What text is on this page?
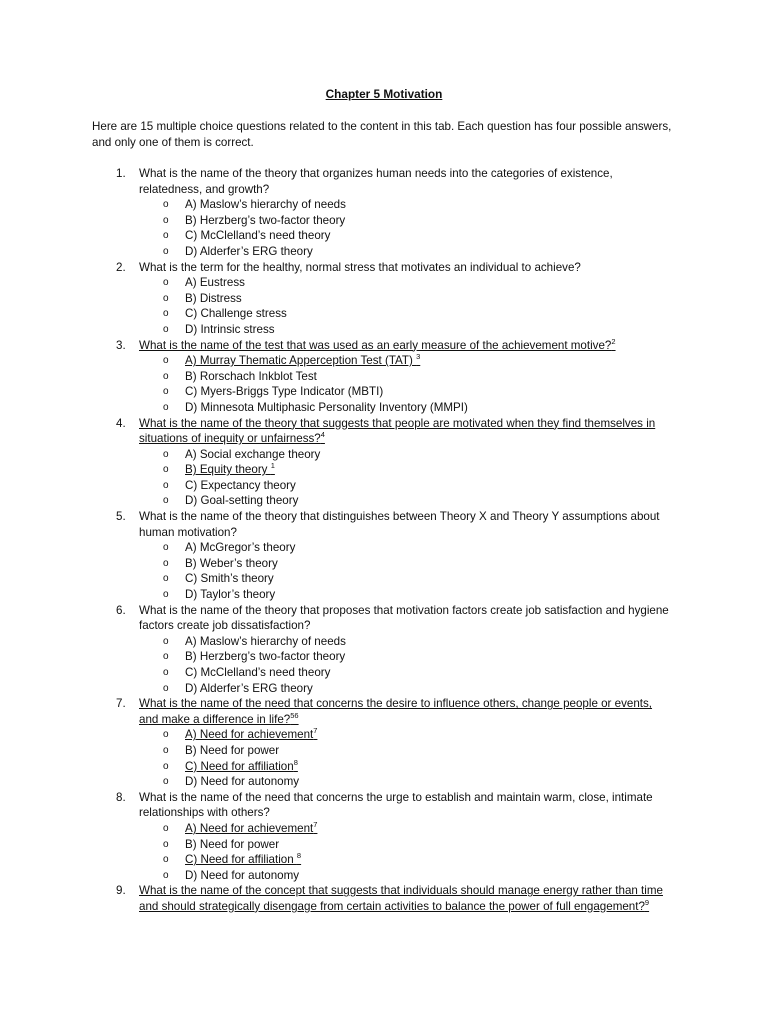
Chapter 5 Motivation
Here are 15 multiple choice questions related to the content in this tab. Each question has four possible answers, and only one of them is correct.
1. What is the name of the theory that organizes human needs into the categories of existence, relatedness, and growth?
o A) Maslow’s hierarchy of needs
o B) Herzberg’s two-factor theory
o C) McClelland’s need theory
o D) Alderfer’s ERG theory
2. What is the term for the healthy, normal stress that motivates an individual to achieve?
o A) Eustress
o B) Distress
o C) Challenge stress
o D) Intrinsic stress
3. What is the name of the test that was used as an early measure of the achievement motive?$^2$
o A) Murray Thematic Apperception Test (TAT) $^3$
o B) Rorschach Inkblot Test
o C) Myers-Briggs Type Indicator (MBTI)
o D) Minnesota Multiphasic Personality Inventory (MMPI)
4. What is the name of the theory that suggests that people are motivated when they find themselves in situations of inequity or unfairness?$^4$
o A) Social exchange theory
o B) Equity theory $^1$
o C) Expectancy theory
o D) Goal-setting theory
5. What is the name of the theory that distinguishes between Theory X and Theory Y assumptions about human motivation?
o A) McGregor’s theory
o B) Weber’s theory
o C) Smith’s theory
o D) Taylor’s theory
6. What is the name of the theory that proposes that motivation factors create job satisfaction and hygiene factors create job dissatisfaction?
o A) Maslow’s hierarchy of needs
o B) Herzberg’s two-factor theory
o C) McClelland’s need theory
o D) Alderfer’s ERG theory
7. What is the name of the need that concerns the desire to influence others, change people or events, and make a difference in life?$^{56}$
o A) Need for achievement$^7$
o B) Need for power
o C) Need for affiliation$^8$
o D) Need for autonomy
8. What is the name of the need that concerns the urge to establish and maintain warm, close, intimate relationships with others?
o A) Need for achievement$^7$
o B) Need for power
o C) Need for affiliation $^8$
o D) Need for autonomy
9. What is the name of the concept that suggests that individuals should manage energy rather than time and should strategically disengage from certain activities to balance the power of full engagement?$^9$
